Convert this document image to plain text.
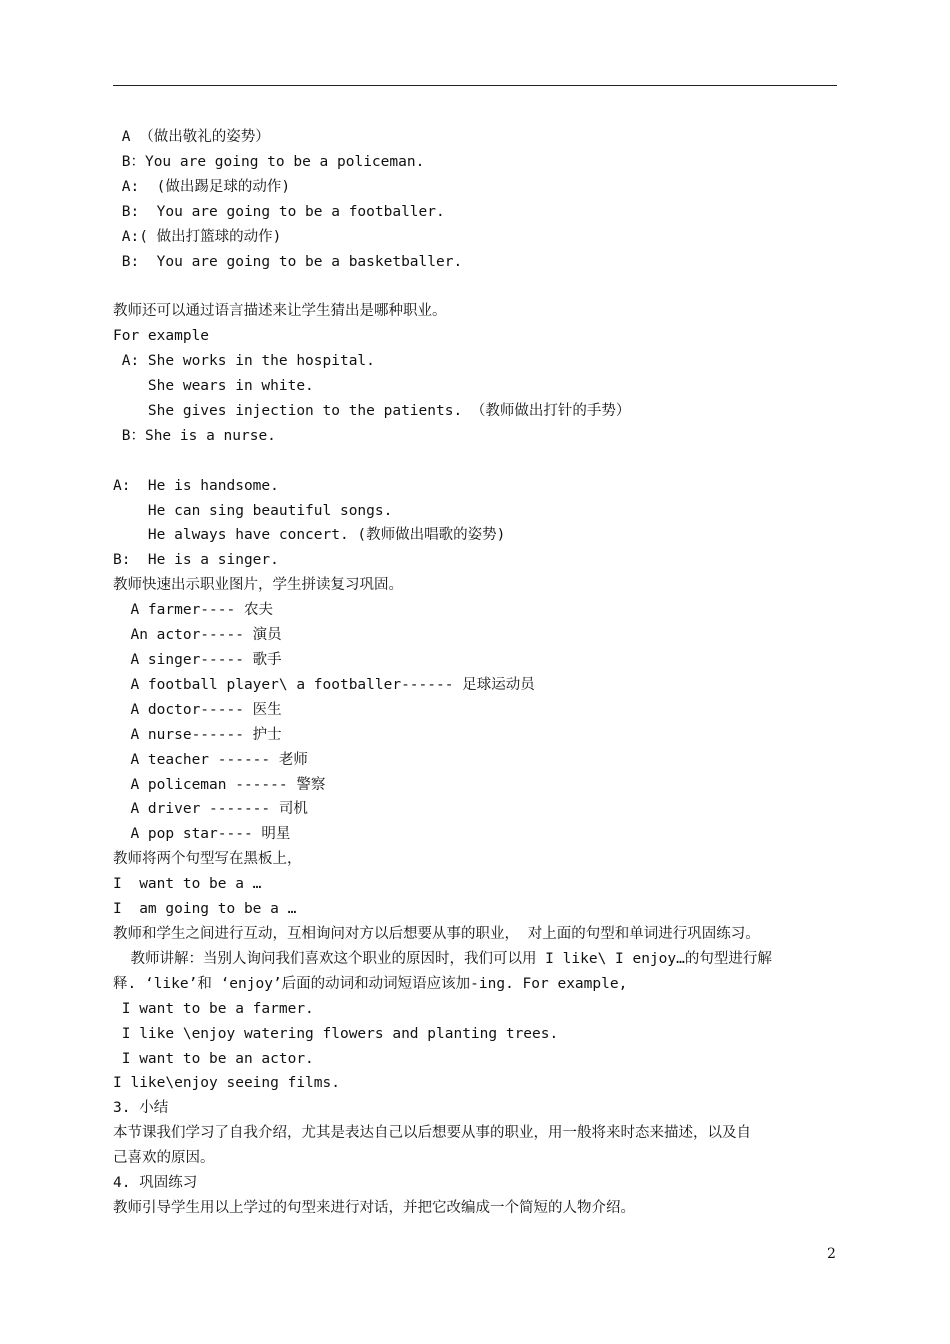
A （做出敬礼的姿势）

B：You are going to be a policeman.

A:  (做出踢足球的动作)

B:  You are going to be a footballer.

A:( 做出打篮球的动作)

B:  You are going to be a basketballer.

教师还可以通过语言描述来让学生猜出是哪种职业。

For example

A: She works in the hospital.

She wears in white.

She gives injection to the patients. （教师做出打针的手势）

B：She is a nurse.

A:  He is handsome.

He can sing beautiful songs.

He always have concert. (教师做出唱歌的姿势)

B:  He is a singer.

教师快速出示职业图片，学生拼读复习巩固。

A farmer---- 农夫

An actor----- 演员

A singer----- 歌手

A football player\ a footballer------ 足球运动员

A doctor----- 医生

A nurse------ 护士

A teacher ------ 老师

A policeman ------ 警察

A driver ------- 司机

A pop star---- 明星

教师将两个句型写在黑板上，

I  want to be a …

I  am going to be a …

教师和学生之间进行互动，互相询问对方以后想要从事的职业， 对上面的句型和单词进行巩固练习。

教师讲解：当别人询问我们喜欢这个职业的原因时，我们可以用 I like\ I enjoy…的句型进行解

释. ‘like’和 ‘enjoy’后面的动词和动词短语应该加-ing. For example,

I want to be a farmer.

I like \enjoy watering flowers and planting trees.

I want to be an actor.

I like\enjoy seeing films.

3. 小结

本节课我们学习了自我介绍，尤其是表达自己以后想要从事的职业，用一般将来时态来描述，以及自

己喜欢的原因。

4. 巩固练习

教师引导学生用以上学过的句型来进行对话，并把它改编成一个简短的人物介绍。

2
